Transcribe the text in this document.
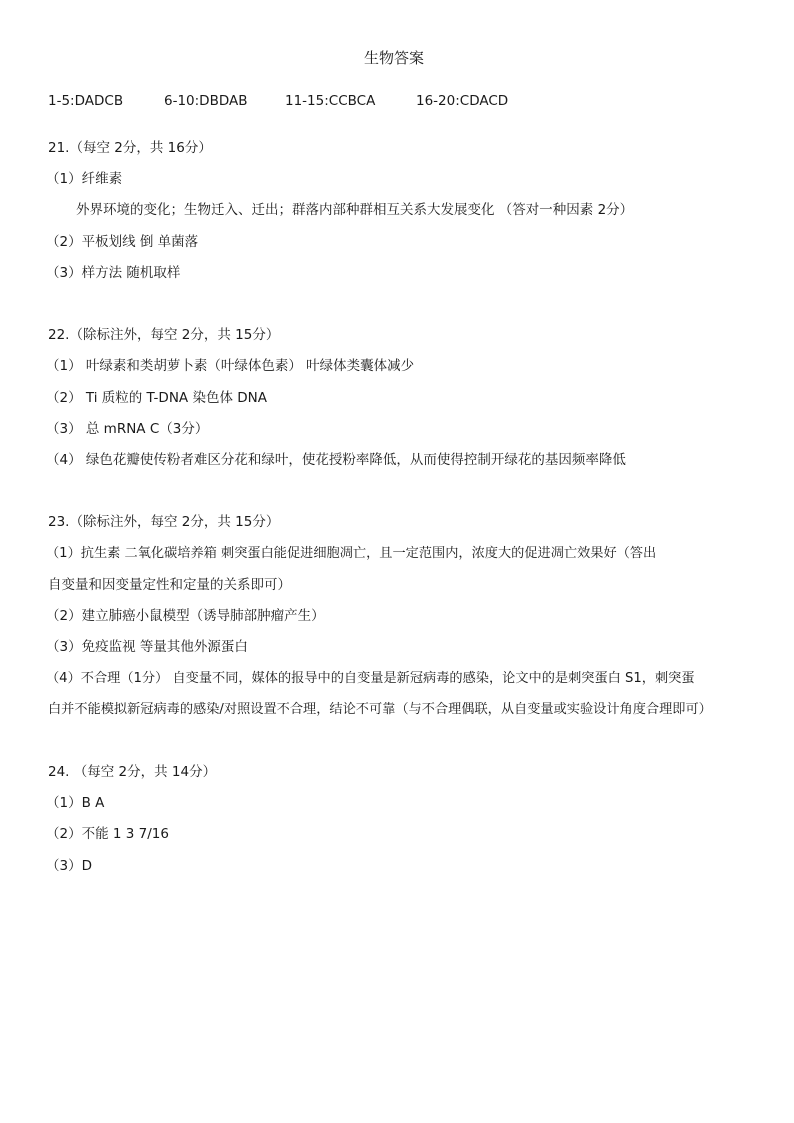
生物答案
1-5:DADCB	6-10:DBDAB	11-15:CCBCA	16-20:CDACD
21.（每空 2分，共 16分）
（1）纤维素
外界环境的变化；生物迁入、迁出；群落内部种群相互关系大发展变化 （答对一种因素 2分）
（2）平板划线 倒 单菌落
（3）样方法 随机取样
22.（除标注外，每空 2分，共 15分）
（1） 叶绿素和类胡萝卜素（叶绿体色素） 叶绿体类囊体减少
（2） Ti 质粒的 T-DNA 染色体 DNA
（3） 总 mRNA C（3分）
（4） 绿色花瓣使传粉者难区分花和绿叶，使花授粉率降低，从而使得控制开绿花的基因频率降低
23.（除标注外，每空 2分，共 15分）
（1）抗生素 二氧化碳培养箱 刺突蛋白能促进细胞凋亡，且一定范围内，浓度大的促进凋亡效果好（答出
自变量和因变量定性和定量的关系即可）
（2）建立肺癌小鼠模型（诱导肺部肿瘤产生）
（3）免疫监视 等量其他外源蛋白
（4）不合理（1分） 自变量不同，媒体的报导中的自变量是新冠病毒的感染，论文中的是刺突蛋白 S1，刺突蛋
白并不能模拟新冠病毒的感染/对照设置不合理，结论不可靠（与不合理偶联，从自变量或实验设计角度合理即可）
24. （每空 2分，共 14分）
（1）B A
（2）不能 1 3 7/16
（3）D
